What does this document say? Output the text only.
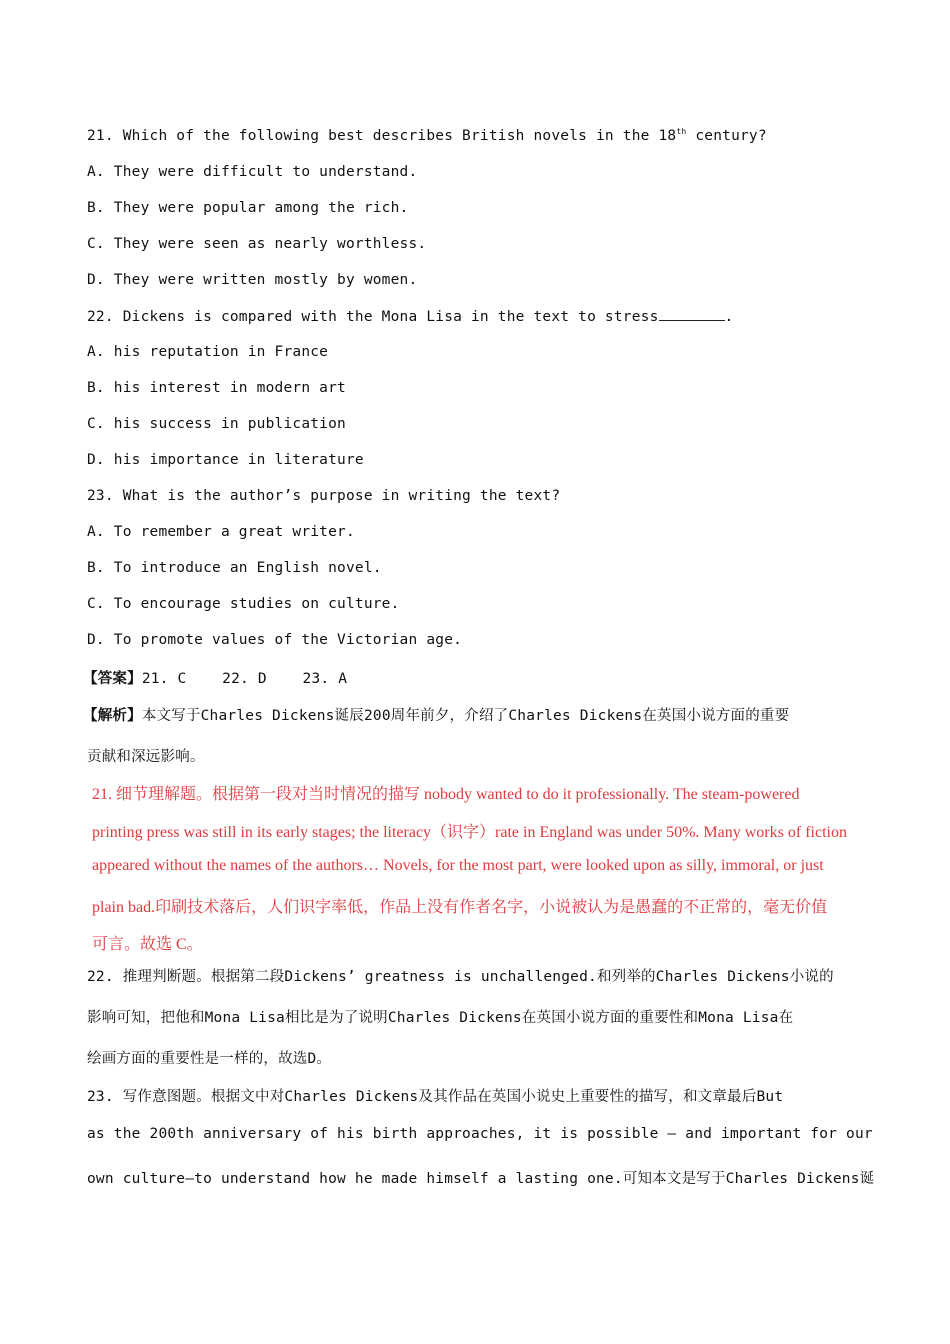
21. Which of the following best describes British novels in the 18th century?
A. They were difficult to understand.
B. They were popular among the rich.
C. They were seen as nearly worthless.
D. They were written mostly by women.
22. Dickens is compared with the Mona Lisa in the text to stress	.
A. his reputation in France
B. his interest in modern art
C. his success in publication
D. his importance in literature
23. What is the author’s purpose in writing the text?
A. To remember a great writer.
B. To introduce an English novel.
C. To encourage studies on culture.
D. To promote values of the Victorian age.
【答案】21. C    22. D    23. A
【解析】本文写于Charles Dickens诞辰200周年前夕，介绍了Charles Dickens在英国小说方面的重要
贡献和深远影响。
21. 细节理解题。根据第一段对当时情况的描写 nobody wanted to do it professionally. The steam-powered
printing press was still in its early stages; the literacy（识字）rate in England was under 50%. Many works of fiction
appeared without the names of the authors… Novels, for the most part, were looked upon as silly, immoral, or just
plain bad.印刷技术落后，人们识字率低，作品上没有作者名字，小说被认为是愚蠢的不正常的，毫无价值
可言。故选 C。
22. 推理判断题。根据第二段Dickens’ greatness is unchallenged.和列举的Charles Dickens小说的
影响可知，把他和Mona Lisa相比是为了说明Charles Dickens在英国小说方面的重要性和Mona Lisa在
绘画方面的重要性是一样的，故选D。
23. 写作意图题。根据文中对Charles Dickens及其作品在英国小说史上重要性的描写，和文章最后But
as the 200th anniversary of his birth approaches, it is possible — and important for our
own culture—to understand how he made himself a lasting one.可知本文是写于Charles Dickens诞
